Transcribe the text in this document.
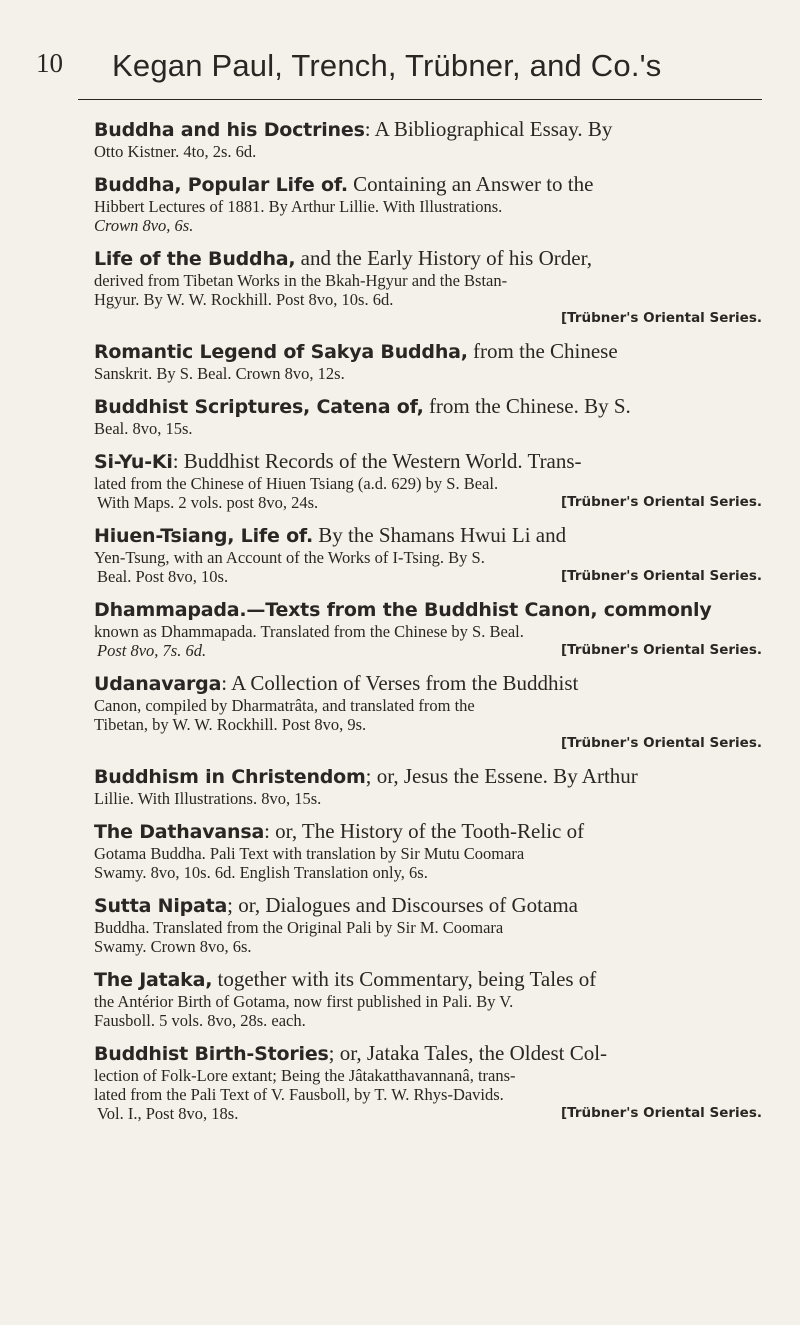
10 Kegan Paul, Trench, Trübner, and Co.'s

Buddha and his Doctrines: A Bibliographical Essay. By

Otto Kistner. 4to, 2s. 6d.

Buddha, Popular Life of. Containing an Answer to the

Hibbert Lectures of 1881. By Arthur Lillie. With Illustrations.

Crown 8vo, 6s.

Life of the Buddha, and the Early History of his Order,

derived from Tibetan Works in the Bkah-Hgyur and the Bstan-

Hgyur. By W. W. Rockhill. Post 8vo, 10s. 6d.

[Trübner's Oriental Series.

Romantic Legend of Sakya Buddha, from the Chinese

Sanskrit. By S. Beal. Crown 8vo, 12s.

Buddhist Scriptures, Catena of, from the Chinese. By S.

Beal. 8vo, 15s.

Si-Yu-Ki: Buddhist Records of the Western World. Trans-

lated from the Chinese of Hiuen Tsiang (a.d. 629) by S. Beal.

With Maps. 2 vols. post 8vo, 24s.	[Trübner's Oriental Series.

Hiuen-Tsiang, Life of. By the Shamans Hwui Li and

Yen-Tsung, with an Account of the Works of I-Tsing. By S.

Beal. Post 8vo, 10s.	[Trübner's Oriental Series.

Dhammapada.—Texts from the Buddhist Canon, commonly

known as Dhammapada. Translated from the Chinese by S. Beal.

Post 8vo, 7s. 6d.	[Trübner's Oriental Series.

Udanavarga: A Collection of Verses from the Buddhist

Canon, compiled by Dharmatrâta, and translated from the

Tibetan, by W. W. Rockhill. Post 8vo, 9s.

[Trübner's Oriental Series.

Buddhism in Christendom; or, Jesus the Essene. By Arthur

Lillie. With Illustrations. 8vo, 15s.

The Dathavansa: or, The History of the Tooth-Relic of

Gotama Buddha. Pali Text with translation by Sir Mutu Coomara

Swamy. 8vo, 10s. 6d. English Translation only, 6s.

Sutta Nipata; or, Dialogues and Discourses of Gotama

Buddha. Translated from the Original Pali by Sir M. Coomara

Swamy. Crown 8vo, 6s.

The Jataka, together with its Commentary, being Tales of

the Antérior Birth of Gotama, now first published in Pali. By V.

Fausboll. 5 vols. 8vo, 28s. each.

Buddhist Birth-Stories; or, Jataka Tales, the Oldest Col-

lection of Folk-Lore extant; Being the Jâtakatthavannanâ, trans-

lated from the Pali Text of V. Fausboll, by T. W. Rhys-Davids.

Vol. I., Post 8vo, 18s.	[Trübner's Oriental Series.
